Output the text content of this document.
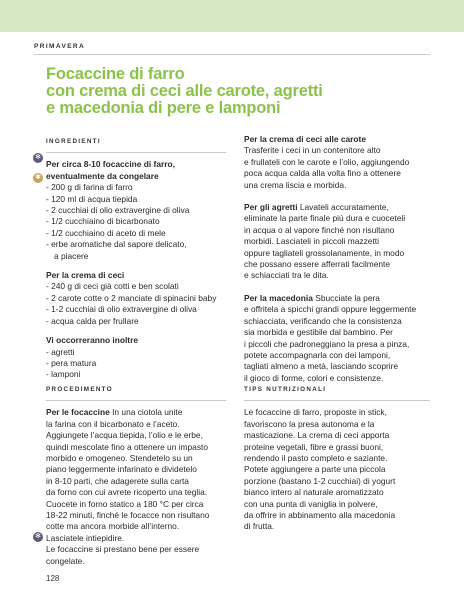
PRIMAVERA
Focaccine di farro
con crema di ceci alle carote, agretti
e macedonia di pere e lamponi
INGREDIENTI
Per circa 8-10 focaccine di farro,
eventualmente da congelare
- 200 g di farina di farro
- 120 ml di acqua tiepida
- 2 cucchiai di olio extravergine di oliva
- 1/2 cucchiaino di bicarbonato
- 1/2 cucchiaino di aceto di mele
- erbe aromatiche dal sapore delicato,
a piacere
Per la crema di ceci
- 240 g di ceci già cotti e ben scolati
- 2 carote cotte o 2 manciate di spinacini baby
- 1-2 cucchiai di olio extravergine di oliva
- acqua calda per frullare
Vi occorreranno inoltre
- agretti
- pera matura
- lamponi
✻
✱
PROCEDIMENTO
Per le focaccine In una ciotola unite
la farina con il bicarbonato e l’aceto.
Aggiungete l’acqua tiepida, l’olio e le erbe,
quindi mescolate fino a ottenere un impasto
morbido e omogeneo. Stendetelo su un
piano leggermente infarinato e dividetelo
in 8-10 parti, che adagerete sulla carta
da forno con cui avrete ricoperto una teglia.
Cuocete in forno statico a 180 °C per circa
18-22 minuti, finché le focacce non risultano
cotte ma ancora morbide all’interno.
Lasciatele intiepidire.
Le focaccine si prestano bene per essere
congelate.
✻
Per la crema di ceci alle carote
Trasferite i ceci in un contenitore alto
e frullateli con le carote e l’olio, aggiungendo
poca acqua calda alla volta fino a ottenere
una crema liscia e morbida.
Per gli agretti Lavateli accuratamente,
eliminate la parte finale più dura e cuoceteli
in acqua o al vapore finché non risultano
morbidi. Lasciateli in piccoli mazzetti
oppure tagliateli grossolanamente, in modo
che possano essere afferrati facilmente
e schiacciati tra le dita.
Per la macedonia Sbucciate la pera
e offritela a spicchi grandi oppure leggermente
schiacciata, verificando che la consistenza
sia morbida e gestibile dal bambino. Per
i piccoli che padroneggiano la presa a pinza,
potete accompagnarla con dei lamponi,
tagliati almeno a metà, lasciando scoprire
il gioco di forme, colori e consistenze.
TIPS NUTRIZIONALI
Le focaccine di farro, proposte in stick,
favoriscono la presa autonoma e la
masticazione. La crema di ceci apporta
proteine vegetali, fibre e grassi buoni,
rendendo il pasto completo e saziante.
Potete aggiungere a parte una piccola
porzione (bastano 1-2 cucchiai) di yogurt
bianco intero al naturale aromatizzato
con una punta di vaniglia in polvere,
da offrire in abbinamento alla macedonia
di frutta.
128
